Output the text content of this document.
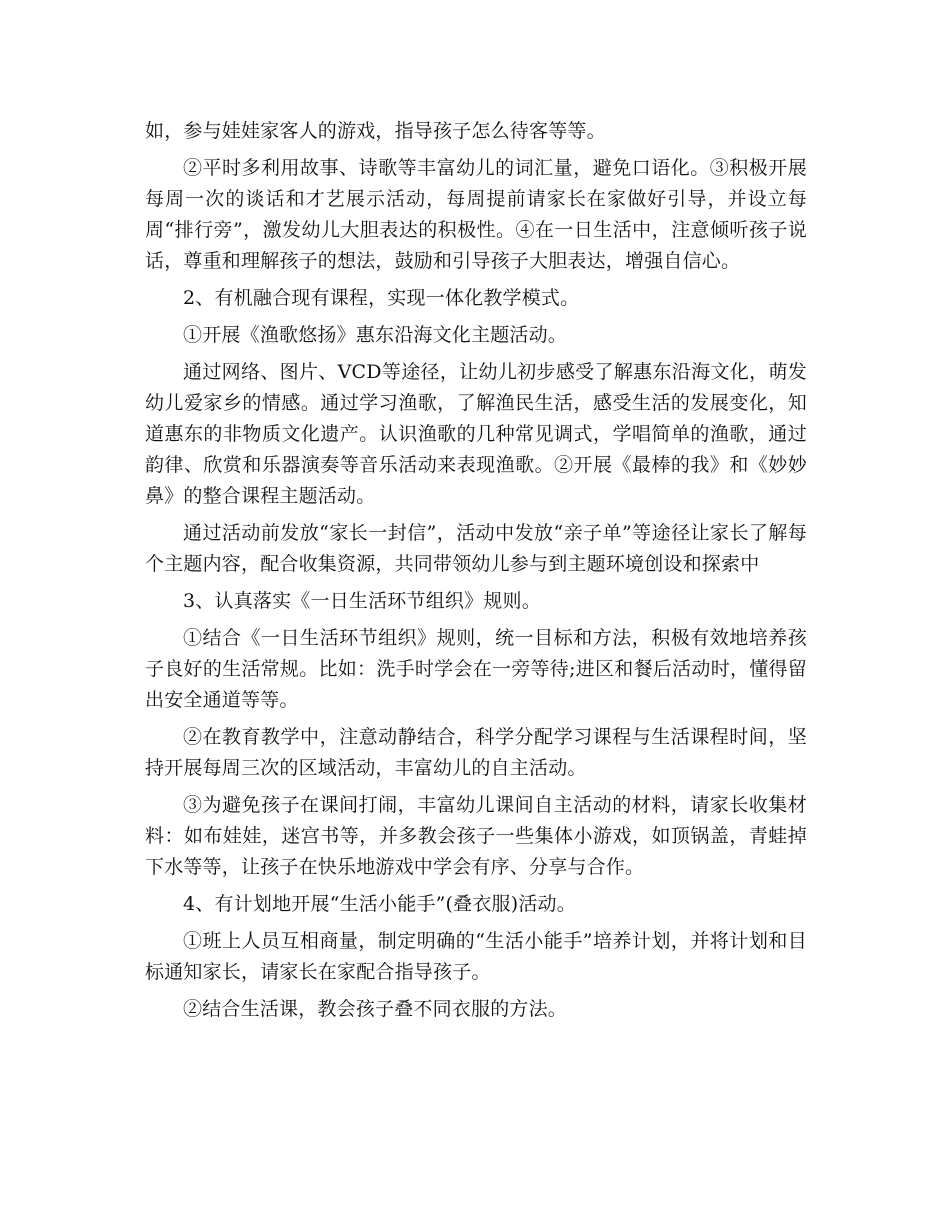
如，参与娃娃家客人的游戏，指导孩子怎么待客等等。

②平时多利用故事、诗歌等丰富幼儿的词汇量，避免口语化。③积极开展每周一次的谈话和才艺展示活动，每周提前请家长在家做好引导，并设立每周“排行旁”，激发幼儿大胆表达的积极性。④在一日生活中，注意倾听孩子说话，尊重和理解孩子的想法，鼓励和引导孩子大胆表达，增强自信心。

2、有机融合现有课程，实现一体化教学模式。

①开展《渔歌悠扬》惠东沿海文化主题活动。

通过网络、图片、VCD等途径，让幼儿初步感受了解惠东沿海文化，萌发幼儿爱家乡的情感。通过学习渔歌，了解渔民生活，感受生活的发展变化，知道惠东的非物质文化遗产。认识渔歌的几种常见调式，学唱简单的渔歌，通过韵律、欣赏和乐器演奏等音乐活动来表现渔歌。②开展《最棒的我》和《妙妙鼻》的整合课程主题活动。

通过活动前发放“家长一封信”，活动中发放“亲子单”等途径让家长了解每个主题内容，配合收集资源，共同带领幼儿参与到主题环境创设和探索中

3、认真落实《一日生活环节组织》规则。

①结合《一日生活环节组织》规则，统一目标和方法，积极有效地培养孩子良好的生活常规。比如：洗手时学会在一旁等待;进区和餐后活动时，懂得留出安全通道等等。

②在教育教学中，注意动静结合，科学分配学习课程与生活课程时间，坚持开展每周三次的区域活动，丰富幼儿的自主活动。

③为避免孩子在课间打闹，丰富幼儿课间自主活动的材料，请家长收集材料：如布娃娃，迷宫书等，并多教会孩子一些集体小游戏，如顶锅盖，青蛙掉下水等等，让孩子在快乐地游戏中学会有序、分享与合作。

4、有计划地开展“生活小能手”(叠衣服)活动。

①班上人员互相商量，制定明确的“生活小能手”培养计划，并将计划和目标通知家长，请家长在家配合指导孩子。

②结合生活课，教会孩子叠不同衣服的方法。
